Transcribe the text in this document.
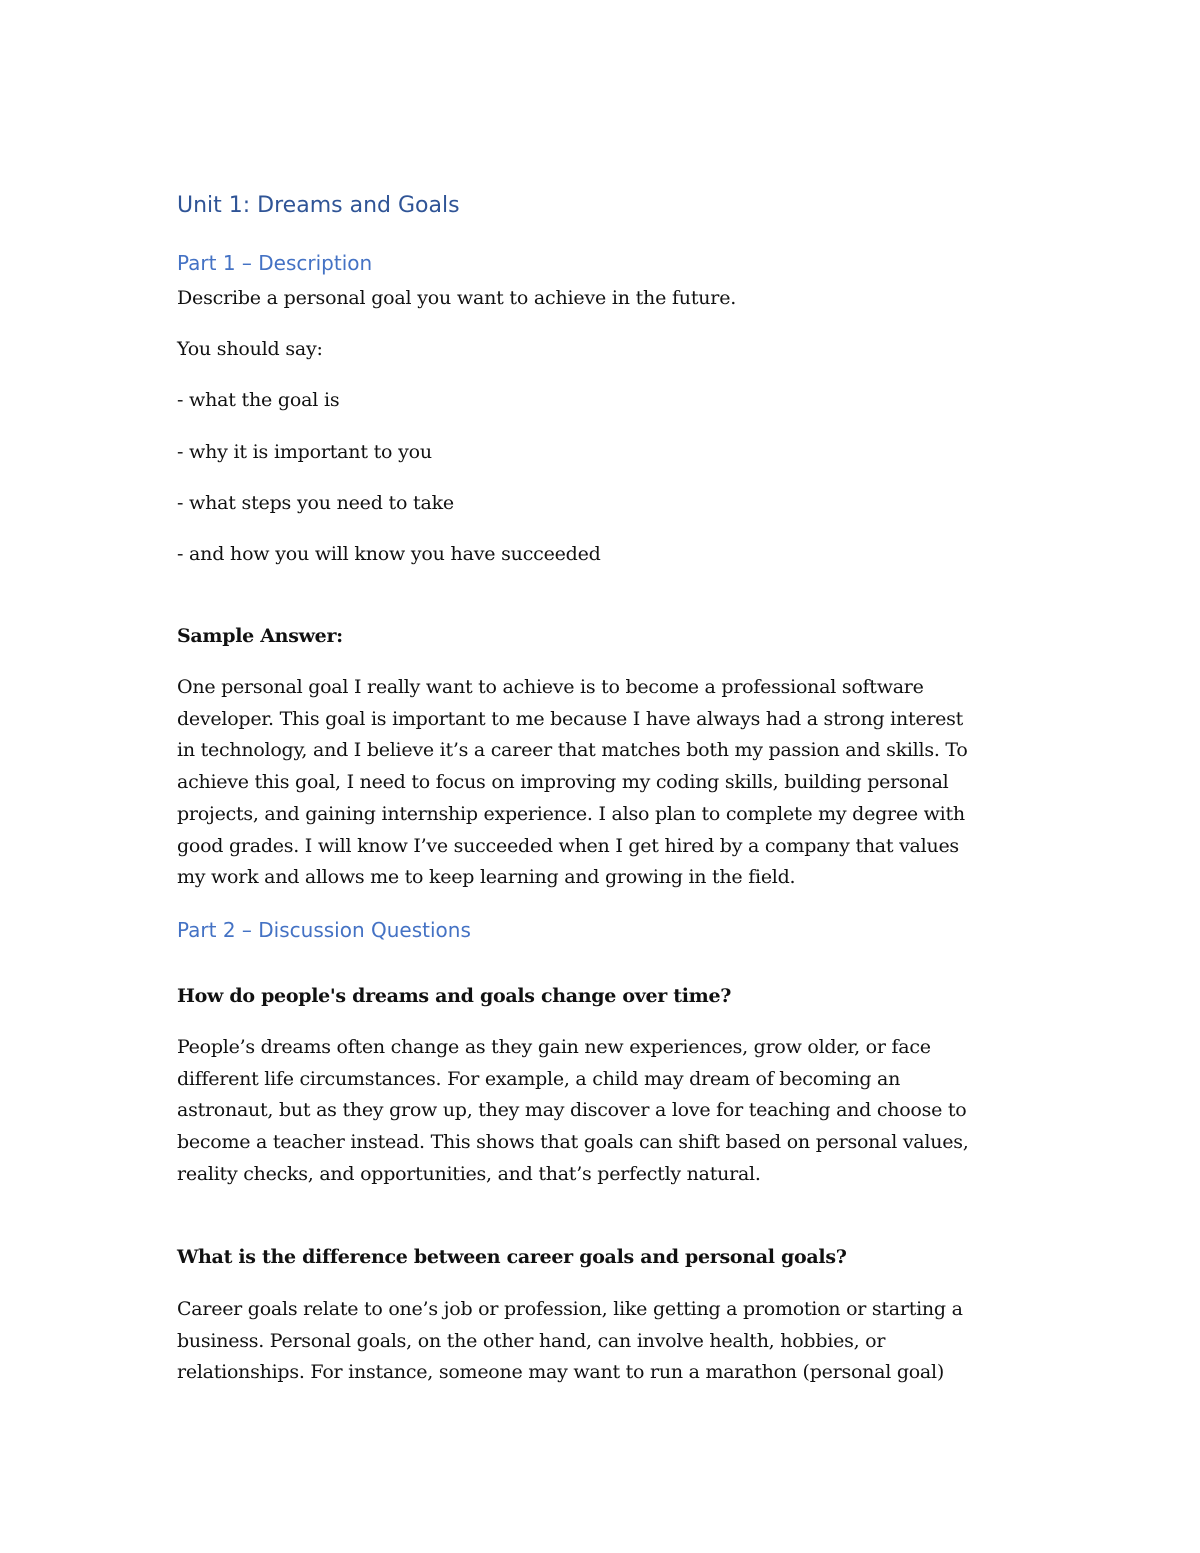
Unit 1: Dreams and Goals
Part 1 – Description

Describe a personal goal you want to achieve in the future.

You should say:

- what the goal is

- why it is important to you

- what steps you need to take

- and how you will know you have succeeded

Sample Answer:

One personal goal I really want to achieve is to become a professional software
developer. This goal is important to me because I have always had a strong interest
in technology, and I believe it’s a career that matches both my passion and skills. To
achieve this goal, I need to focus on improving my coding skills, building personal
projects, and gaining internship experience. I also plan to complete my degree with
good grades. I will know I’ve succeeded when I get hired by a company that values
my work and allows me to keep learning and growing in the field.
Part 2 – Discussion Questions

How do people's dreams and goals change over time?

People’s dreams often change as they gain new experiences, grow older, or face
different life circumstances. For example, a child may dream of becoming an
astronaut, but as they grow up, they may discover a love for teaching and choose to
become a teacher instead. This shows that goals can shift based on personal values,
reality checks, and opportunities, and that’s perfectly natural.

What is the difference between career goals and personal goals?

Career goals relate to one’s job or profession, like getting a promotion or starting a
business. Personal goals, on the other hand, can involve health, hobbies, or
relationships. For instance, someone may want to run a marathon (personal goal)
